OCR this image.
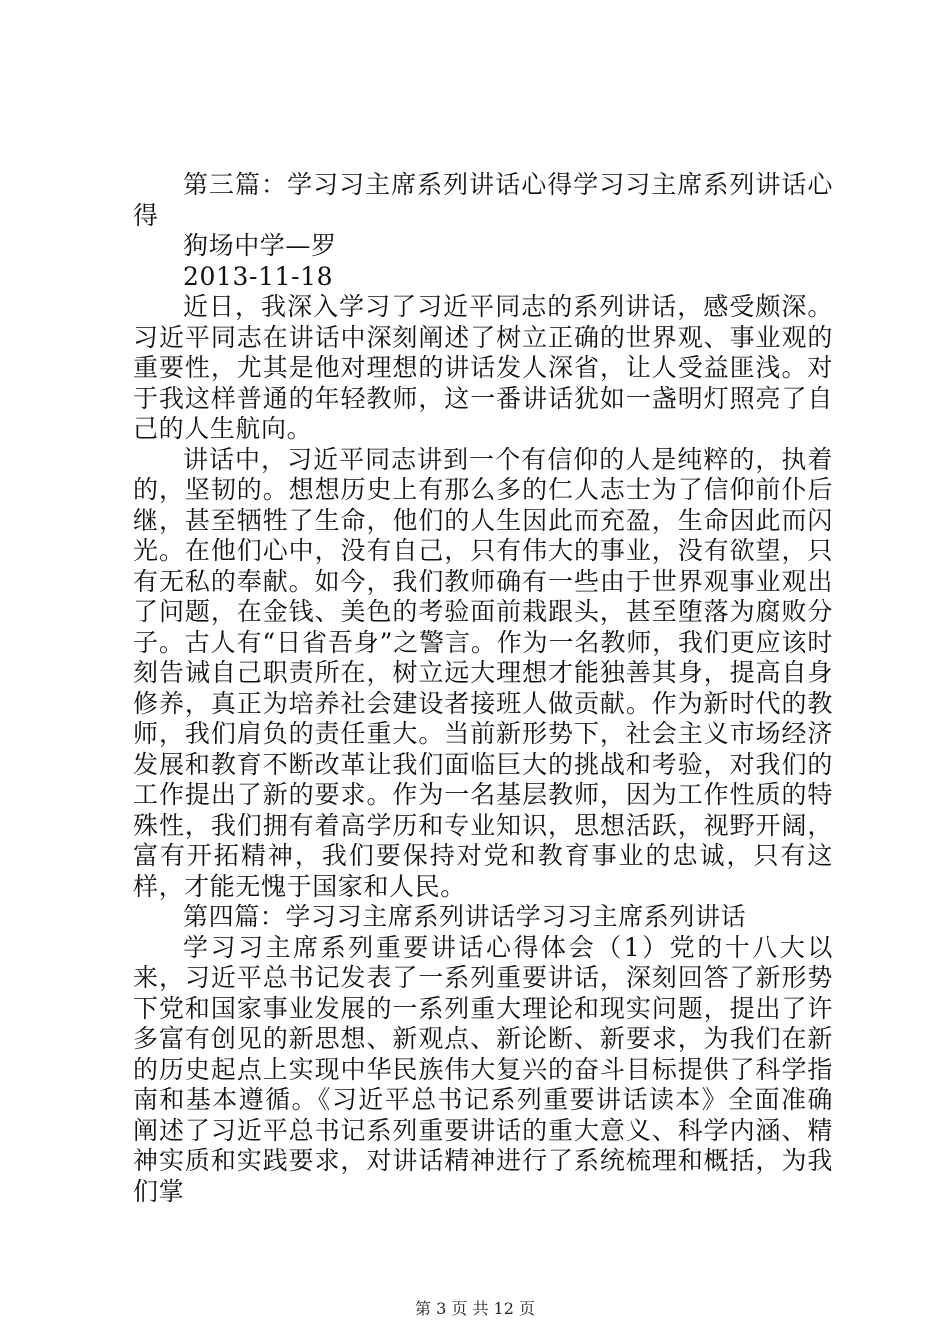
第三篇：学习习主席系列讲话心得学习习主席系列讲话心得

狗场中学—罗

2013-11-18

近日，我深入学习了习近平同志的系列讲话，感受颇深。习近平同志在讲话中深刻阐述了树立正确的世界观、事业观的重要性，尤其是他对理想的讲话发人深省，让人受益匪浅。对于我这样普通的年轻教师，这一番讲话犹如一盏明灯照亮了自己的人生航向。

讲话中，习近平同志讲到一个有信仰的人是纯粹的，执着的，坚韧的。想想历史上有那么多的仁人志士为了信仰前仆后继，甚至牺牲了生命，他们的人生因此而充盈，生命因此而闪光。在他们心中，没有自己，只有伟大的事业，没有欲望，只有无私的奉献。如今，我们教师确有一些由于世界观事业观出了问题，在金钱、美色的考验面前栽跟头，甚至堕落为腐败分子。古人有“日省吾身”之警言。作为一名教师，我们更应该时刻告诫自己职责所在，树立远大理想才能独善其身，提高自身修养，真正为培养社会建设者接班人做贡献。作为新时代的教师，我们肩负的责任重大。当前新形势下，社会主义市场经济发展和教育不断改革让我们面临巨大的挑战和考验，对我们的工作提出了新的要求。作为一名基层教师，因为工作性质的特殊性，我们拥有着高学历和专业知识，思想活跃，视野开阔，富有开拓精神，我们要保持对党和教育事业的忠诚，只有这样，才能无愧于国家和人民。

第四篇：学习习主席系列讲话学习习主席系列讲话

学习习主席系列重要讲话心得体会（1）党的十八大以来，习近平总书记发表了一系列重要讲话，深刻回答了新形势下党和国家事业发展的一系列重大理论和现实问题，提出了许多富有创见的新思想、新观点、新论断、新要求，为我们在新的历史起点上实现中华民族伟大复兴的奋斗目标提供了科学指南和基本遵循。《习近平总书记系列重要讲话读本》全面准确阐述了习近平总书记系列重要讲话的重大意义、科学内涵、精神实质和实践要求，对讲话精神进行了系统梳理和概括，为我们掌

第 3 页 共 12 页
